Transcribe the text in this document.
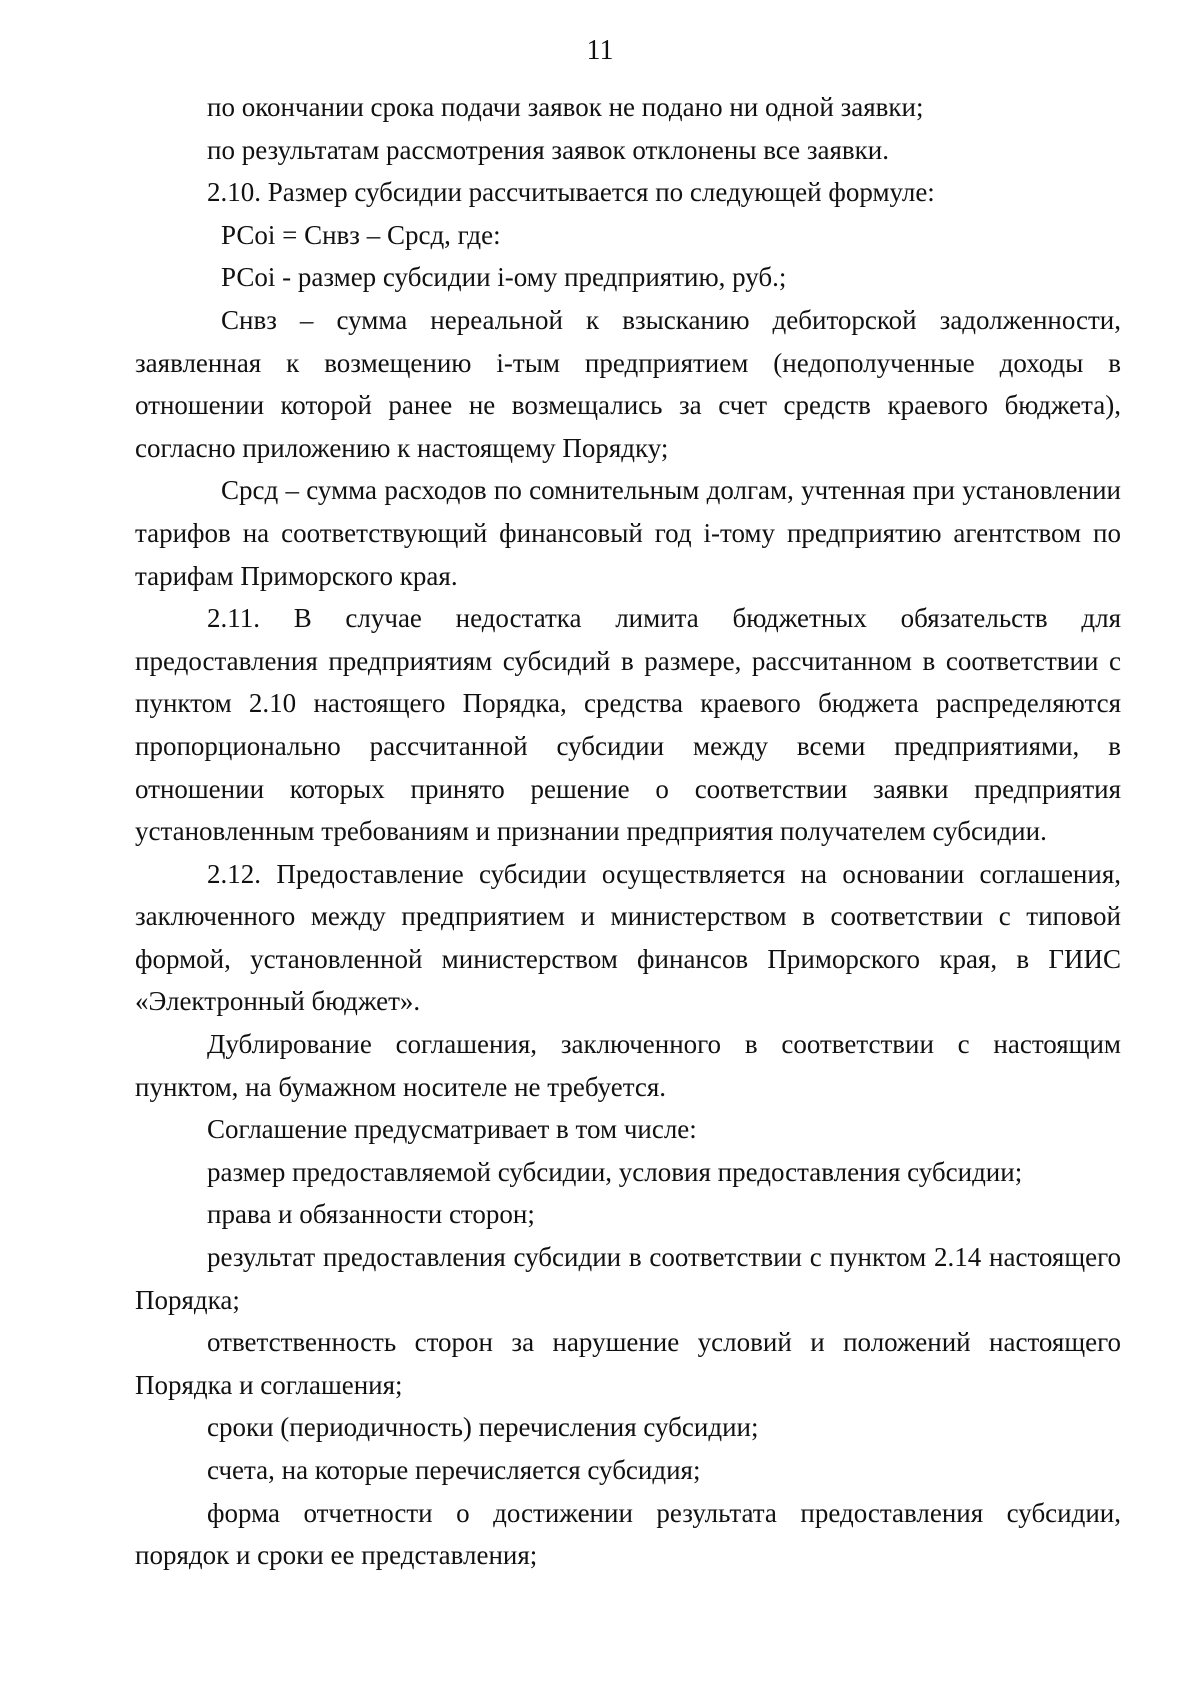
11

по окончании срока подачи заявок не подано ни одной заявки;

по результатам рассмотрения заявок отклонены все заявки.

2.10. Размер субсидии рассчитывается по следующей формуле:

РСоі = Снвз – Срсд, где:

РСоі - размер субсидии і-ому предприятию, руб.;

Снвз – сумма нереальной к взысканию дебиторской задолженности, заявленная к возмещению і-тым предприятием (недополученные доходы в отношении которой ранее не возмещались за счет средств краевого бюджета), согласно приложению к настоящему Порядку;

Срсд – сумма расходов по сомнительным долгам, учтенная при установлении тарифов на соответствующий финансовый год і-тому предприятию агентством по тарифам Приморского края.

2.11. В случае недостатка лимита бюджетных обязательств для предоставления предприятиям субсидий в размере, рассчитанном в соответствии с пунктом 2.10 настоящего Порядка, средства краевого бюджета распределяются пропорционально рассчитанной субсидии между всеми предприятиями, в отношении которых принято решение о соответствии заявки предприятия установленным требованиям и признании предприятия получателем субсидии.

2.12. Предоставление субсидии осуществляется на основании соглашения, заключенного между предприятием и министерством в соответствии с типовой формой, установленной министерством финансов Приморского края, в ГИИС «Электронный бюджет».

Дублирование соглашения, заключенного в соответствии с настоящим пунктом, на бумажном носителе не требуется.

Соглашение предусматривает в том числе:

размер предоставляемой субсидии, условия предоставления субсидии;

права и обязанности сторон;

результат предоставления субсидии в соответствии с пунктом 2.14 настоящего Порядка;

ответственность сторон за нарушение условий и положений настоящего Порядка и соглашения;

сроки (периодичность) перечисления субсидии;

счета, на которые перечисляется субсидия;

форма отчетности о достижении результата предоставления субсидии, порядок и сроки ее представления;
